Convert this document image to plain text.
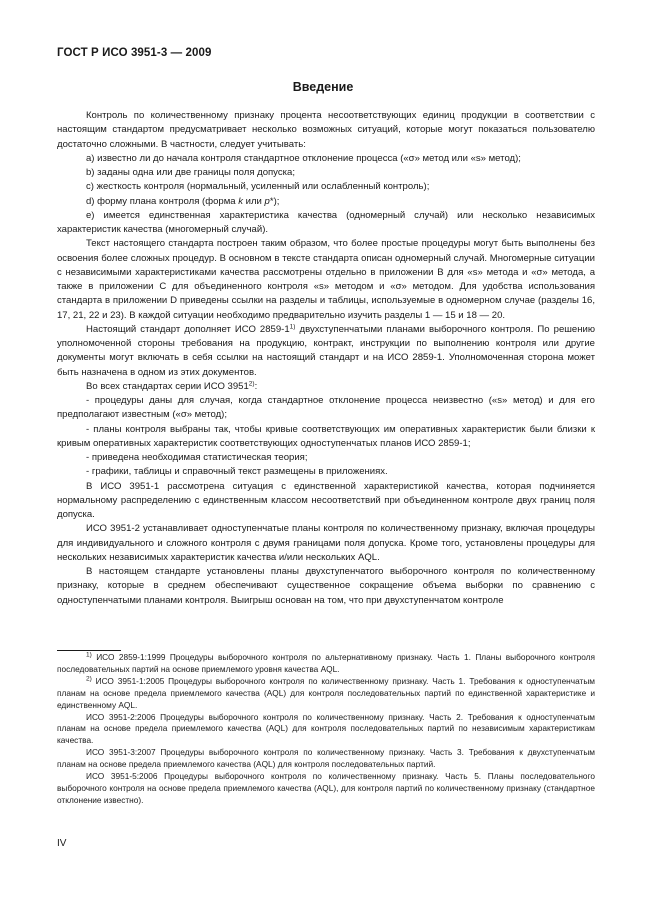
ГОСТ Р ИСО 3951-3 — 2009
Введение

Контроль по количественному признаку процента несоответствующих единиц продукции в соответствии с настоящим стандартом предусматривает несколько возможных ситуаций, которые могут показаться пользователю достаточно сложными. В частности, следует учитывать:

a) известно ли до начала контроля стандартное отклонение процесса («σ» метод или «s» метод);

b) заданы одна или две границы поля допуска;

c) жесткость контроля (нормальный, усиленный или ослабленный контроль);

d) форму плана контроля (форма k или p*);

e) имеется единственная характеристика качества (одномерный случай) или несколько независимых характеристик качества (многомерный случай).

Текст настоящего стандарта построен таким образом, что более простые процедуры могут быть выполнены без освоения более сложных процедур. В основном в тексте стандарта описан одномерный случай. Многомерные ситуации с независимыми характеристиками качества рассмотрены отдельно в приложении В для «s» метода и «σ» метода, а также в приложении С для объединенного контроля «s» методом и «σ» методом. Для удобства использования стандарта в приложении D приведены ссылки на разделы и таблицы, используемые в одномерном случае (разделы 16, 17, 21, 22 и 23). В каждой ситуации необходимо предварительно изучить разделы 1 — 15 и 18 — 20.

Настоящий стандарт дополняет ИСО 2859-1$^{1)}$ двухступенчатыми планами выборочного контроля. По решению уполномоченной стороны требования на продукцию, контракт, инструкции по выполнению контроля или другие документы могут включать в себя ссылки на настоящий стандарт и на ИСО 2859-1. Уполномоченная сторона может быть назначена в одном из этих документов.

Во всех стандартах серии ИСО 3951$^{2)}$:

- процедуры даны для случая, когда стандартное отклонение процесса неизвестно («s» метод) и для его предполагают известным («σ» метод);

- планы контроля выбраны так, чтобы кривые соответствующих им оперативных характеристик были близки к кривым оперативных характеристик соответствующих одноступенчатых планов ИСО 2859-1;

- приведена необходимая статистическая теория;

- графики, таблицы и справочный текст размещены в приложениях.

В ИСО 3951-1 рассмотрена ситуация с единственной характеристикой качества, которая подчиняется нормальному распределению с единственным классом несоответствий при объединенном контроле двух границ поля допуска.

ИСО 3951-2 устанавливает одноступенчатые планы контроля по количественному признаку, включая процедуры для индивидуального и сложного контроля с двумя границами поля допуска. Кроме того, установлены процедуры для нескольких независимых характеристик качества и/или нескольких AQL.

В настоящем стандарте установлены планы двухступенчатого выборочного контроля по количественному признаку, которые в среднем обеспечивают существенное сокращение объема выборки по сравнению с одноступенчатыми планами контроля. Выигрыш основан на том, что при двухступенчатом контроле

$^{1)}$ ИСО 2859-1:1999 Процедуры выборочного контроля по альтернативному признаку. Часть 1. Планы выборочного контроля последовательных партий на основе приемлемого уровня качества AQL.

$^{2)}$ ИСО 3951-1:2005 Процедуры выборочного контроля по количественному признаку. Часть 1. Требования к одноступенчатым планам на основе предела приемлемого качества (AQL) для контроля последовательных партий по единственной характеристике и единственному AQL.

ИСО 3951-2:2006 Процедуры выборочного контроля по количественному признаку. Часть 2. Требования к одноступенчатым планам на основе предела приемлемого качества (AQL) для контроля последовательных партий по независимым характеристикам качества.

ИСО 3951-3:2007 Процедуры выборочного контроля по количественному признаку. Часть 3. Требования к двухступенчатым планам на основе предела приемлемого качества (AQL) для контроля последовательных партий.

ИСО 3951-5:2006 Процедуры выборочного контроля по количественному признаку. Часть 5. Планы последовательного выборочного контроля на основе предела приемлемого качества (AQL), для контроля партий по количественному признаку (стандартное отклонение известно).

IV
